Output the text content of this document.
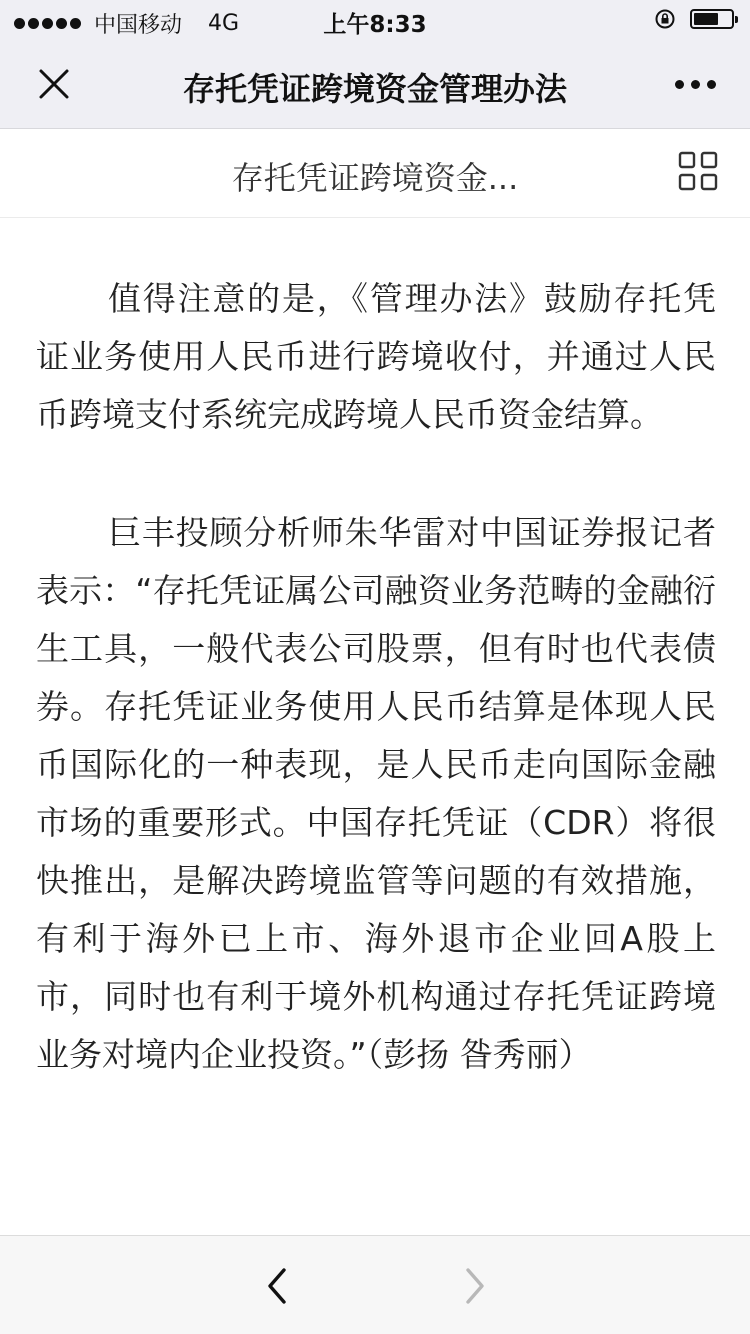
中国移动 4G	上午8:33
存托凭证跨境资金管理办法
存托凭证跨境资金...

值得注意的是，《管理办法》鼓励存托凭证业务使用人民币进行跨境收付，并通过人民币跨境支付系统完成跨境人民币资金结算。

巨丰投顾分析师朱华雷对中国证券报记者表示：“存托凭证属公司融资业务范畴的金融衍生工具，一般代表公司股票，但有时也代表债券。存托凭证业务使用人民币结算是体现人民币国际化的一种表现，是人民币走向国际金融市场的重要形式。中国存托凭证（CDR）将很快推出，是解决跨境监管等问题的有效措施，有利于海外已上市、海外退市企业回A股上市，同时也有利于境外机构通过存托凭证跨境业务对境内企业投资。”（彭扬 昝秀丽）
